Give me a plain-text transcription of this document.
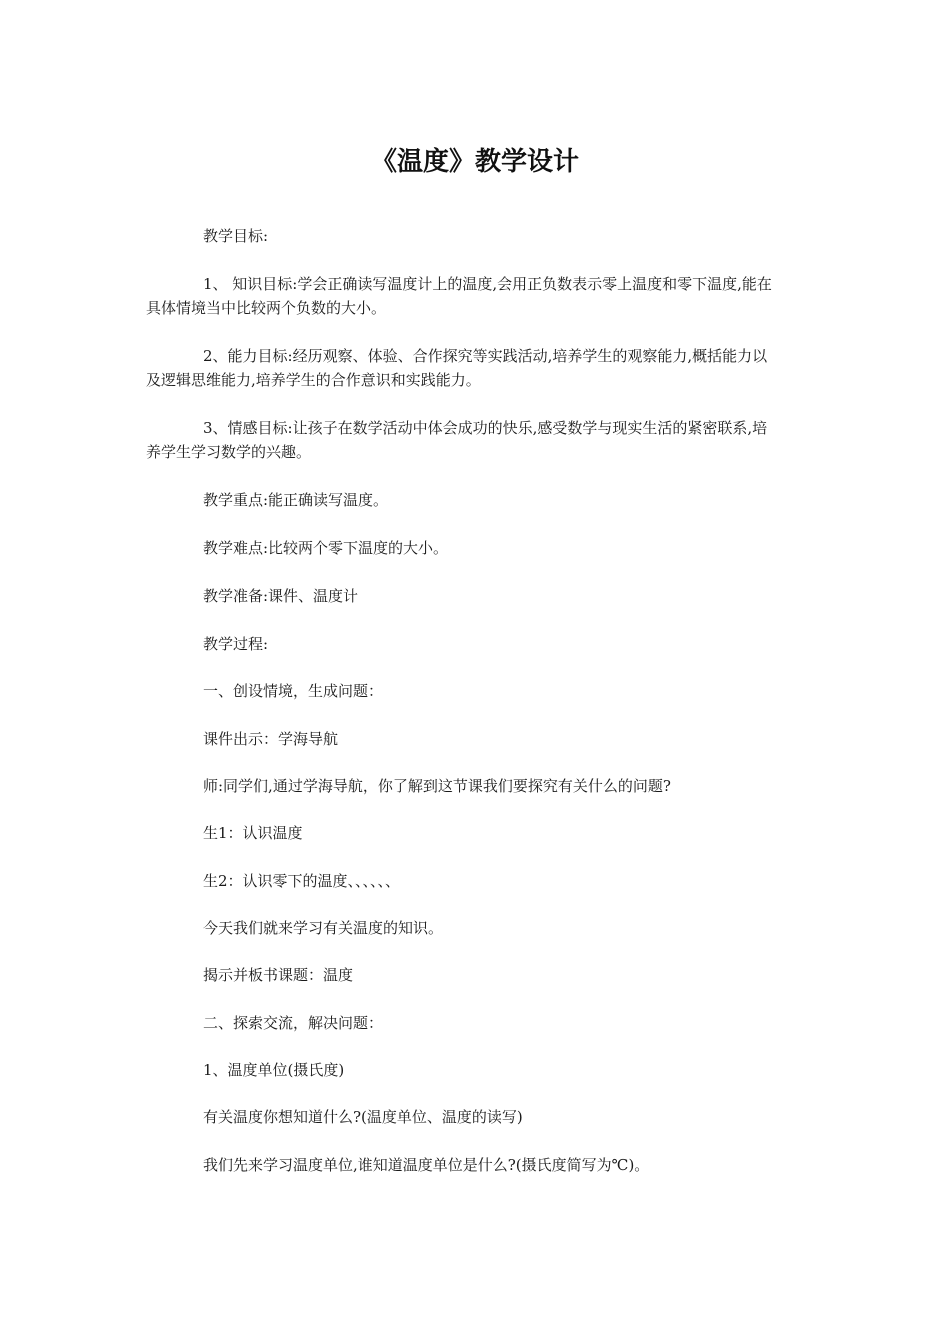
《温度》教学设计

教学目标:

1、 知识目标:学会正确读写温度计上的温度,会用正负数表示零上温度和零下温度,能在具体情境当中比较两个负数的大小。

2、能力目标:经历观察、体验、合作探究等实践活动,培养学生的观察能力,概括能力以及逻辑思维能力,培养学生的合作意识和实践能力。

3、情感目标:让孩子在数学活动中体会成功的快乐,感受数学与现实生活的紧密联系,培养学生学习数学的兴趣。

教学重点:能正确读写温度。

教学难点:比较两个零下温度的大小。

教学准备:课件、温度计

教学过程:

一、创设情境，生成问题：

课件出示：学海导航

师:同学们,通过学海导航，你了解到这节课我们要探究有关什么的问题?

生1：认识温度

生2：认识零下的温度、、、、、、

今天我们就来学习有关温度的知识。

揭示并板书课题：温度

二、探索交流，解决问题：

1、温度单位(摄氏度)

有关温度你想知道什么?(温度单位、温度的读写)

我们先来学习温度单位,谁知道温度单位是什么?(摄氏度简写为℃)。
